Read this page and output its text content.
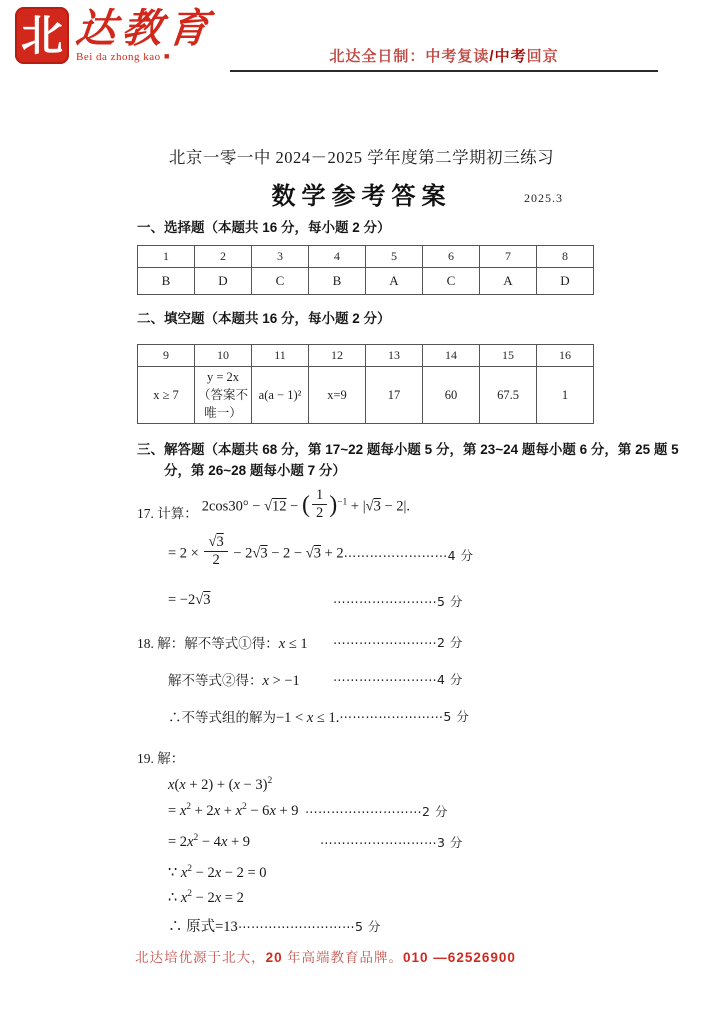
北 达教育
Bei da zhong kao ■	北达全日制：中考复读/中考回京
北京一零一中 2024－2025 学年度第二学期初三练习
数学参考答案	2025.3
一、选择题（本题共 16 分，每小题 2 分）
1	2	3	4	5	6	7	8
B	D	C	B	A	C	A	D
二、填空题（本题共 16 分，每小题 2 分）
9	10	11	12	13	14	15	16
x ≥ 7	y = 2x
（答案不
唯一）	a(a − 1)²	x=9	17	60	67.5	1
三、解答题（本题共 68 分，第 17~22 题每小题 5 分，第 23~24 题每小题 6 分，第 25 题 5
分，第 26~28 题每小题 7 分）
17. 计算： 2cos30° − √12 − ( $\frac{1}{2} )^{-1} + |√3 - 2|$.
= $2 \times \frac{√3}{2} - 2√3 - 2 - √3 + 2$ ⋯⋯⋯⋯⋯⋯⋯⋯4 分
= −2√3	⋯⋯⋯⋯⋯⋯⋯⋯5 分
18. 解：解不等式①得：x ≤ 1	⋯⋯⋯⋯⋯⋯⋯⋯2 分
解不等式②得：x > −1	⋯⋯⋯⋯⋯⋯⋯⋯4 分
∴不等式组的解为−1 < x ≤ 1. ⋯⋯⋯⋯⋯⋯⋯⋯5 分
19. 解：
$x(x + 2) + (x - 3)^2$
= $x^2 + 2x + x^2 - 6x + 9$ ⋯⋯⋯⋯⋯⋯⋯⋯⋯2 分
= $2x^2 - 4x + 9$	⋯⋯⋯⋯⋯⋯⋯⋯⋯3 分
∵ $x^2 - 2x - 2 = 0$
∴ $x^2 - 2x = 2$
∴ 原式=13 ⋯⋯⋯⋯⋯⋯⋯⋯⋯5 分
北达培优源于北大，20 年高端教育品牌。010 —62526900
